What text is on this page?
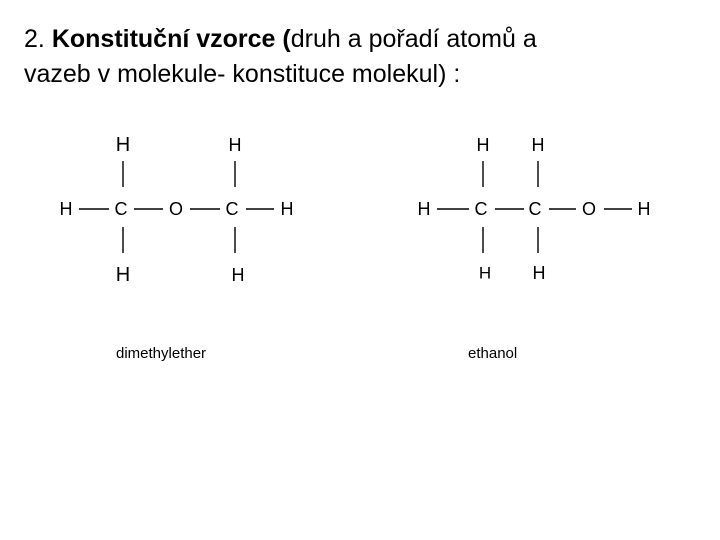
2. Konstituční vzorce (druh a pořadí atomů a
vazeb v molekule- konstituce molekul) :
H	H
H C O C H
H	H
H H
H C C O H
H H
dimethylether	ethanol
